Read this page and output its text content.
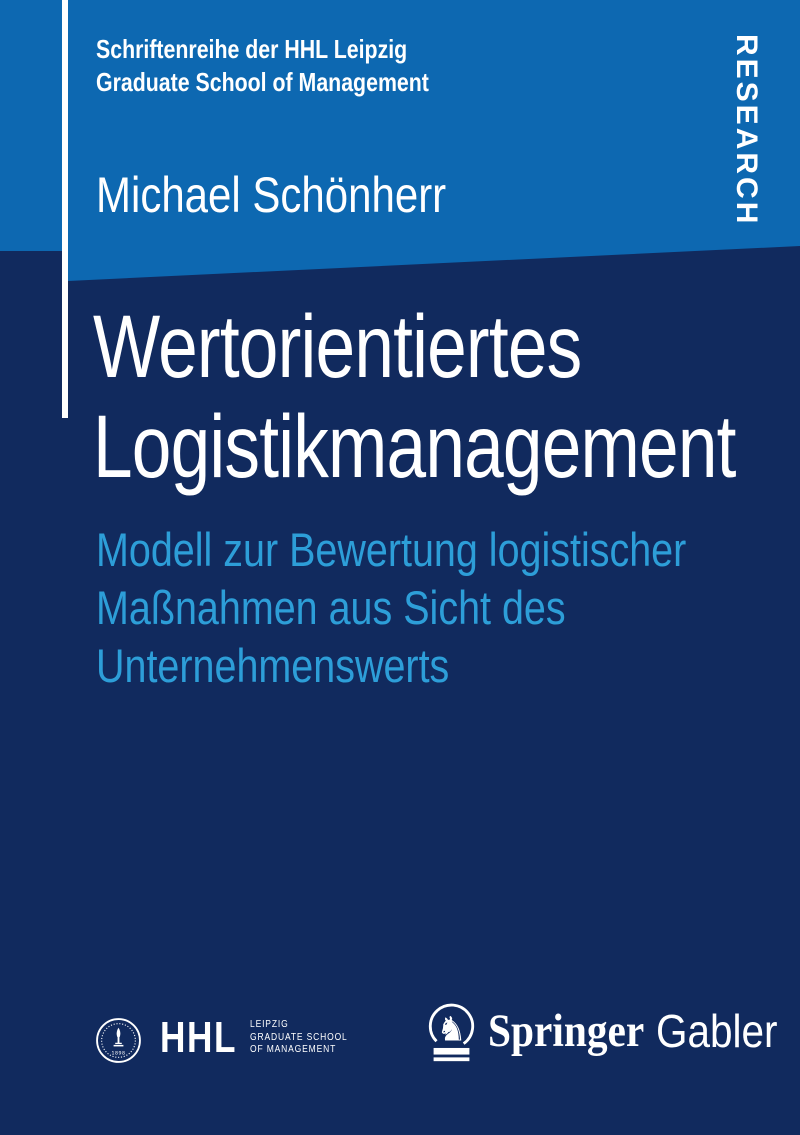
Schriftenreihe der HHL Leipzig
Graduate School of Management	RESEARCH
Michael Schönherr
Wertorientiertes
Logistikmanagement
Modell zur Bewertung logistischer
Maßnahmen aus Sicht des
Unternehmenswerts
1898 HHL LEIPZIG
GRADUATE SCHOOL
OF MANAGEMENT
♞ Springer Gabler
